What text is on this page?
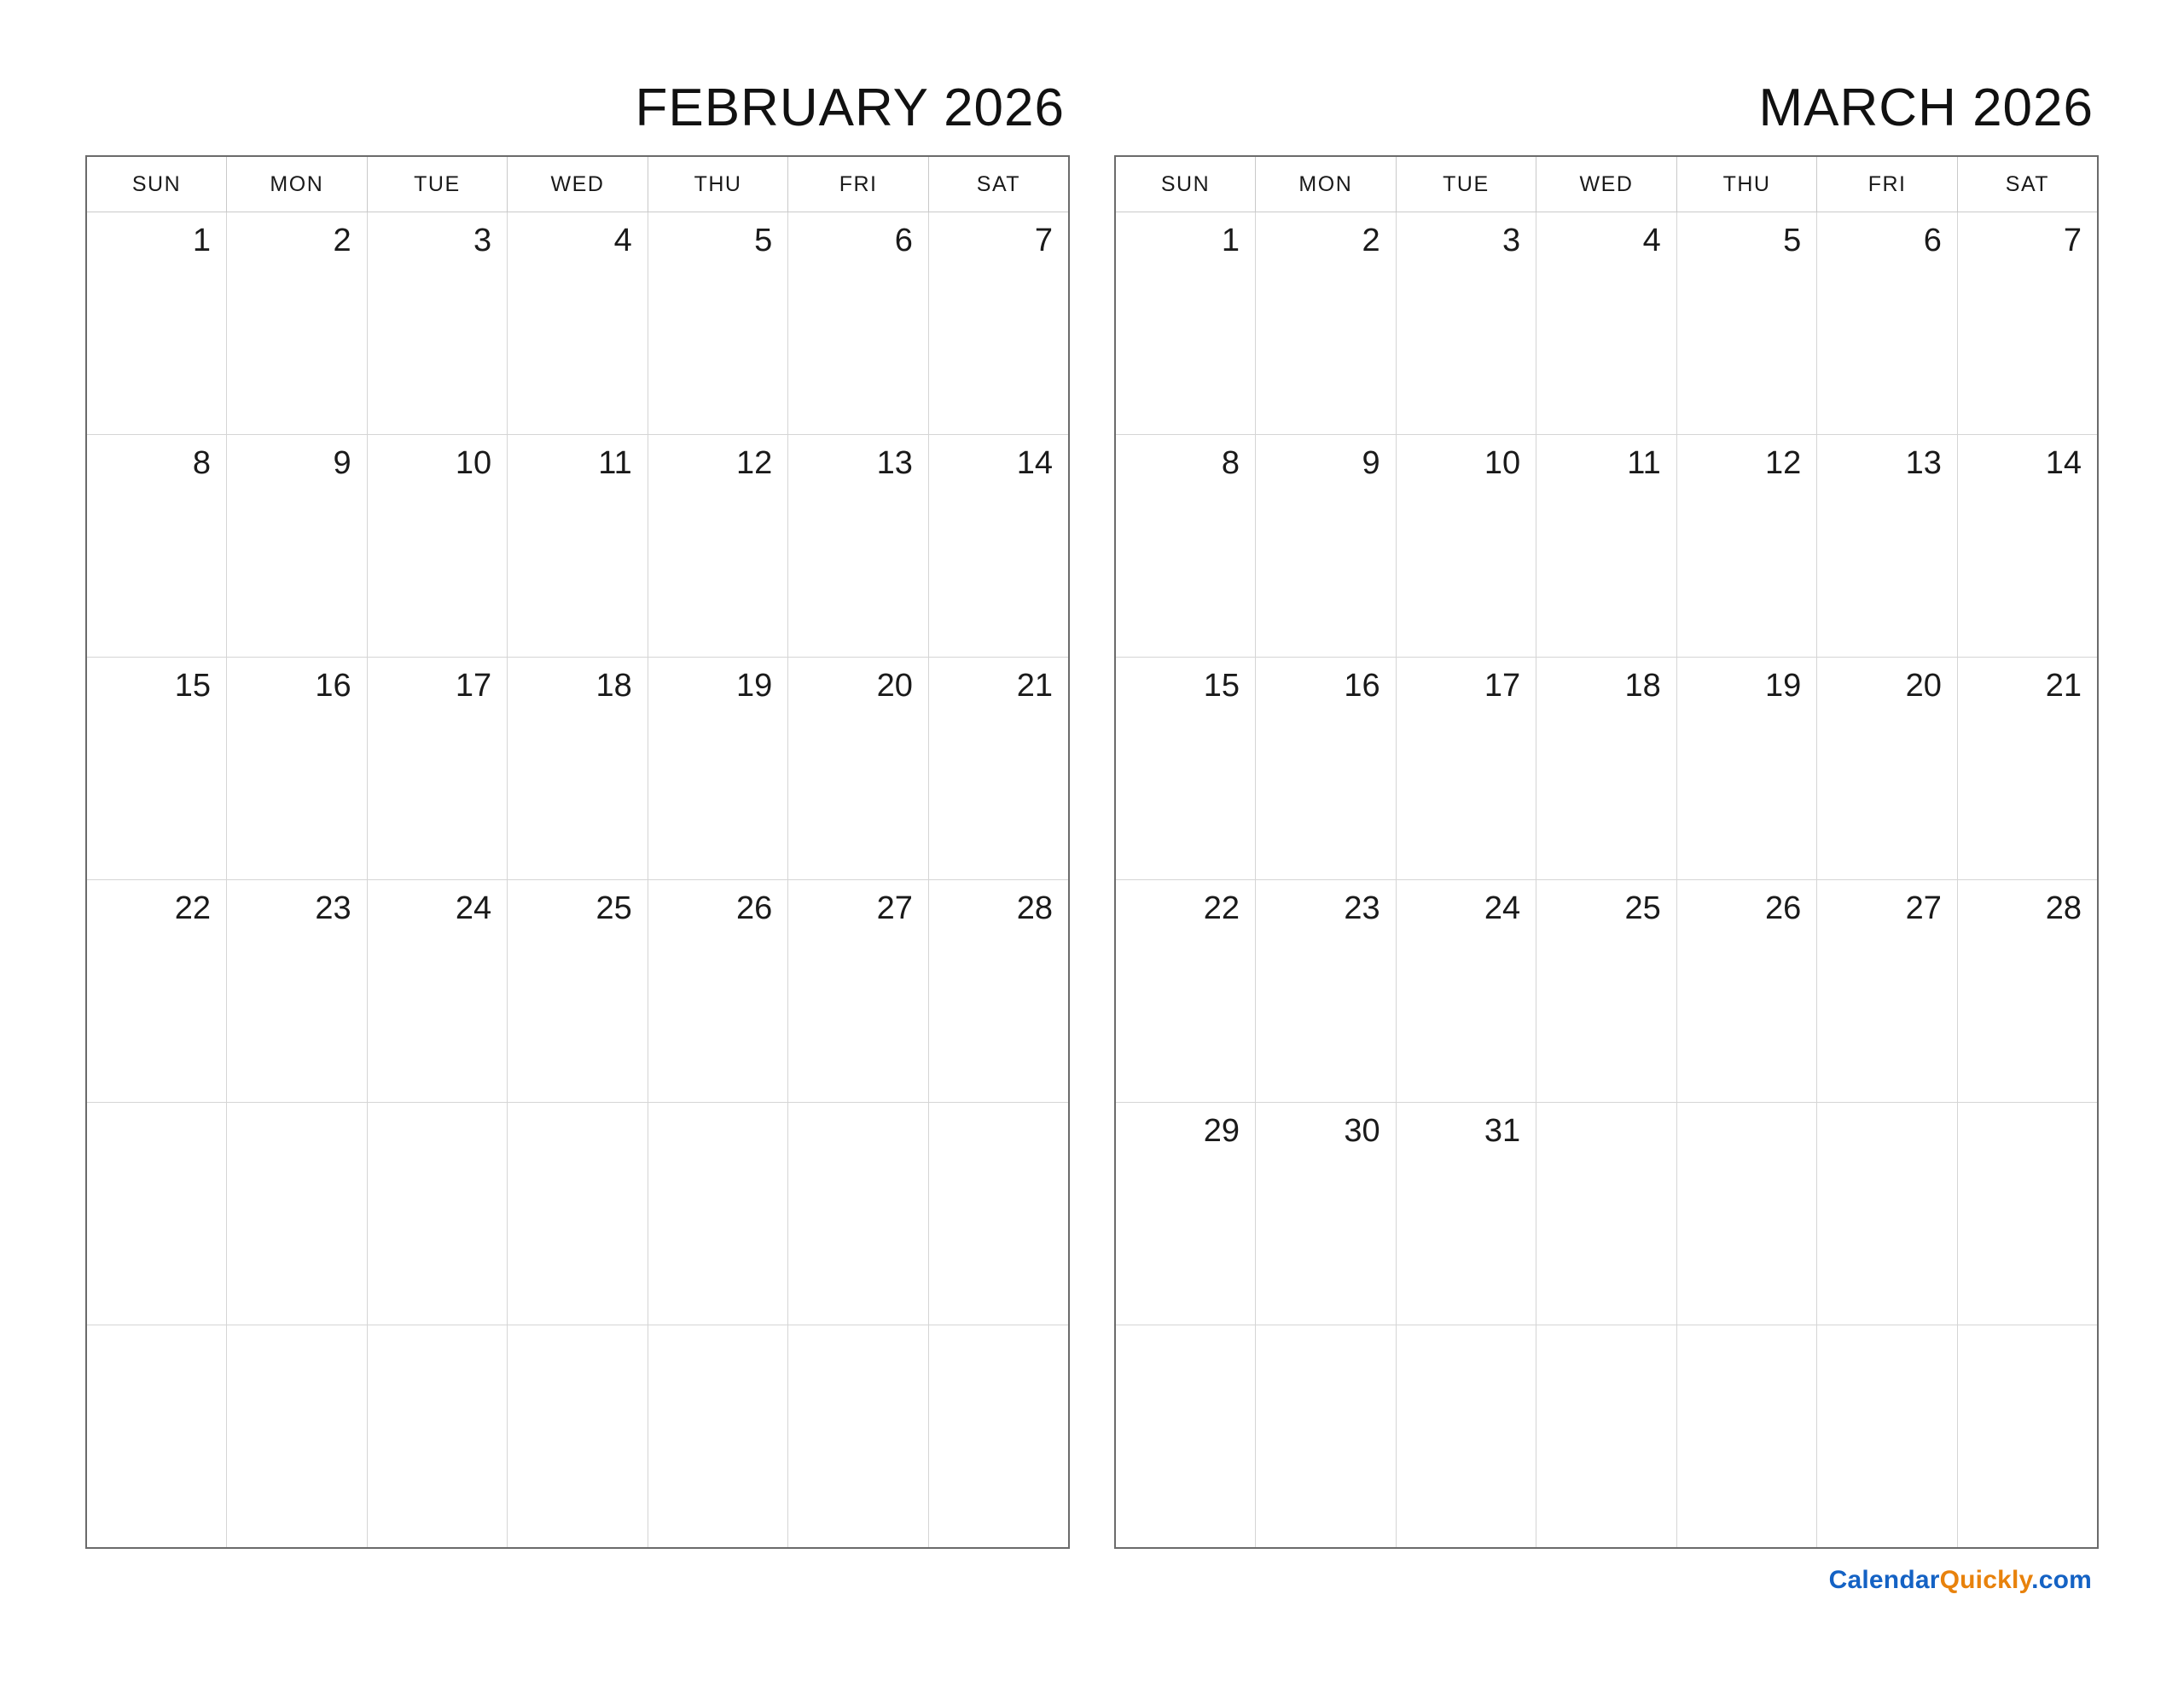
FEBRUARY 2026
SUN	MON	TUE	WED	THU	FRI	SAT
1	2	3	4	5	6	7
8	9	10	11	12	13	14
15	16	17	18	19	20	21
22	23	24	25	26	27	28

MARCH 2026
SUN	MON	TUE	WED	THU	FRI	SAT
1	2	3	4	5	6	7
8	9	10	11	12	13	14
15	16	17	18	19	20	21
22	23	24	25	26	27	28
29	30	31				

CalendarQuickly.com
